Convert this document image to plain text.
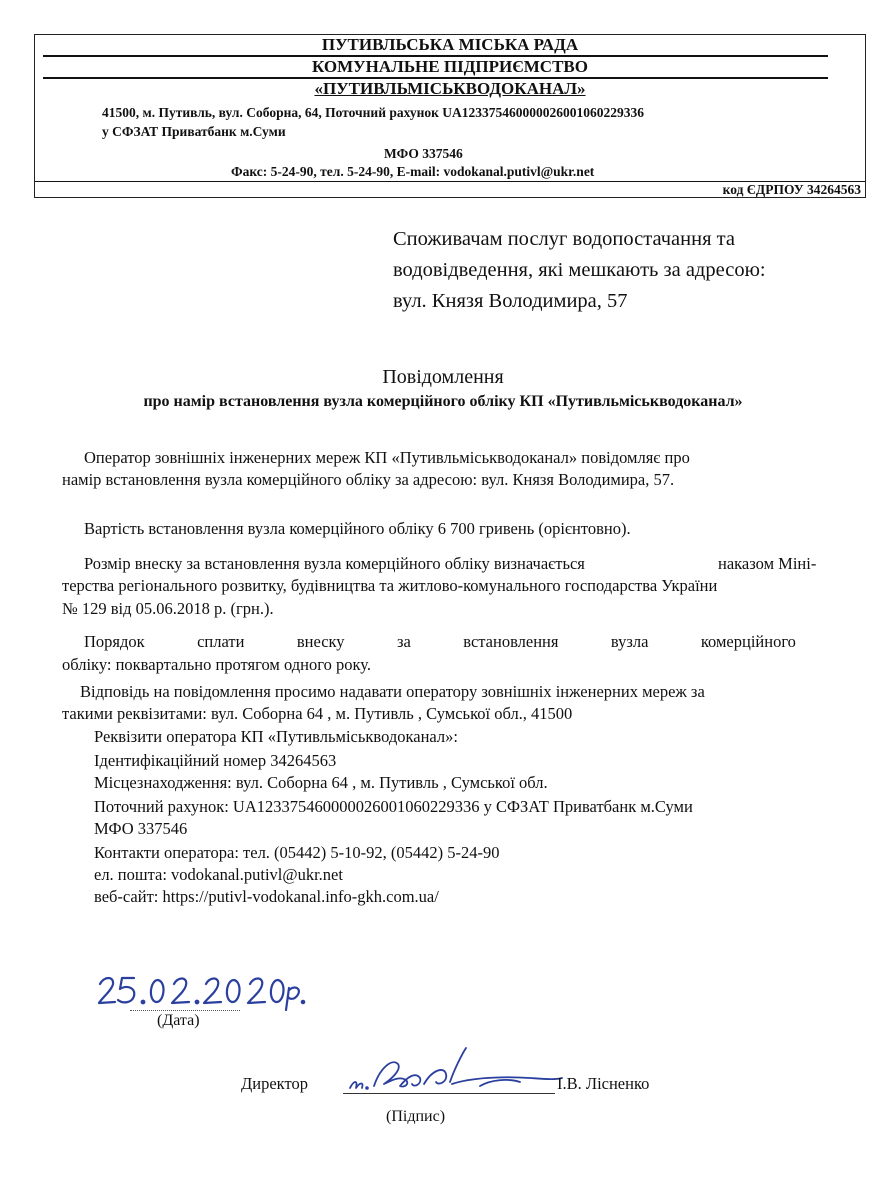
ПУТИВЛЬСЬКА МІСЬКА РАДА
КОМУНАЛЬНЕ ПІДПРИЄМСТВО
«ПУТИВЛЬМІСЬКВОДОКАНАЛ»
41500, м. Путивль, вул. Соборна, 64, Поточний рахунок UA123375460000026001060229336
у СФЗАТ Приватбанк м.Суми
МФО 337546
Факс: 5-24-90, тел. 5-24-90, E-mail: vodokanal.putivl@ukr.net
код ЄДРПОУ 34264563
Споживачам послуг водопостачання та
водовідведення, які мешкають за адресою:
вул. Князя Володимира, 57
Повідомлення
про намір встановлення вузла комерційного обліку КП «Путивльміськводоканал»
Оператор зовнішніх інженерних мереж КП «Путивльміськводоканал» повідомляє про
намір встановлення вузла комерційного обліку за адресою: вул. Князя Володимира, 57.
Вартість встановлення вузла комерційного обліку 6 700 гривень (орієнтовно).
Розмір внеску за встановлення вузла комерційного обліку визначається	наказом Міні-
терства регіонального розвитку, будівництва та житлово-комунального господарства України
№ 129 від 05.06.2018 р. (грн.).
Порядок	сплати	внеску	за	встановлення	вузла	комерційного
обліку: поквартально протягом одного року.
Відповідь на повідомлення просимо надавати оператору зовнішніх інженерних мереж за
такими реквізитами: вул. Соборна 64 , м. Путивль , Сумської обл., 41500
Реквізити оператора КП «Путивльміськводоканал»:
Ідентифікаційний номер 34264563
Місцезнаходження: вул. Соборна 64 , м. Путивль , Сумської обл.
Поточний рахунок: UA123375460000026001060229336 у СФЗАТ Приватбанк м.Суми
МФО 337546
Контакти оператора: тел. (05442) 5-10-92, (05442) 5-24-90
ел. пошта: vodokanal.putivl@ukr.net
веб-сайт: https://putivl-vodokanal.info-gkh.com.ua/
(Дата)
Директор	І.В. Лісненко
(Підпис)
